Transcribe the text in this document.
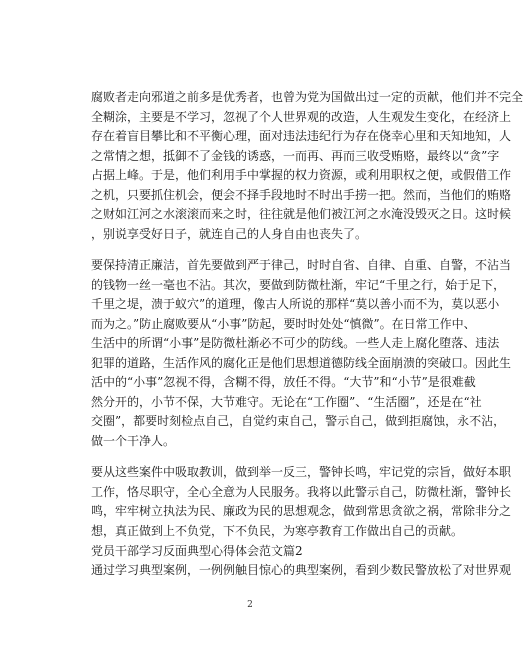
腐败者走向邪道之前多是优秀者，也曾为党为国做出过一定的贡献，他们并不完全
全糊涂，主要是不学习，忽视了个人世界观的改造，人生观发生变化，在经济上
存在着盲目攀比和不平衡心理，面对违法违纪行为存在侥幸心里和天知地知，人
之常情之想，抵御不了金钱的诱惑，一而再、再而三收受贿赂，最终以“贪”字
占据上峰。于是，他们利用手中掌握的权力资源，或利用职权之便，或假借工作
之机，只要抓住机会，便会不择手段地时不时出手捞一把。然而，当他们的贿赂
之财如江河之水滚滚而来之时，往往就是他们被江河之水淹没毁灭之日。这时候
，别说享受好日子，就连自己的人身自由也丧失了。
要保持清正廉洁，首先要做到严于律己，时时自省、自律、自重、自警，不沾当
的钱物一丝一毫也不沾。其次，要做到防微杜渐，牢记“千里之行，始于足下，
千里之堤，溃于蚁穴”的道理，像古人所说的那样“莫以善小而不为，莫以恶小
而为之。”防止腐败要从“小事”防起，要时时处处“慎微”。在日常工作中、
生活中的所谓“小事”是防微杜渐必不可少的防线。一些人走上腐化堕落、违法
犯罪的道路，生活作风的腐化正是他们思想道德防线全面崩溃的突破口。因此生
活中的“小事”忽视不得，含糊不得，放任不得。“大节”和“小节”是很难截
然分开的，小节不保，大节难守。无论在“工作圈”、“生活圈”，还是在“社
交圈”，都要时刻检点自己，自觉约束自己，警示自己，做到拒腐蚀，永不沾，
做一个干净人。
要从这些案件中吸取教训，做到举一反三，警钟长鸣，牢记党的宗旨，做好本职
工作，恪尽职守，全心全意为人民服务。我将以此警示自己，防微杜渐，警钟长
鸣，牢牢树立执法为民、廉政为民的思想观念，做到常思贪欲之祸，常除非分之
想，真正做到上不负党，下不负民，为寒亭教育工作做出自己的贡献。
党员干部学习反面典型心得体会范文篇2
通过学习典型案例，一例例触目惊心的典型案例，看到少数民警放松了对世界观
2
